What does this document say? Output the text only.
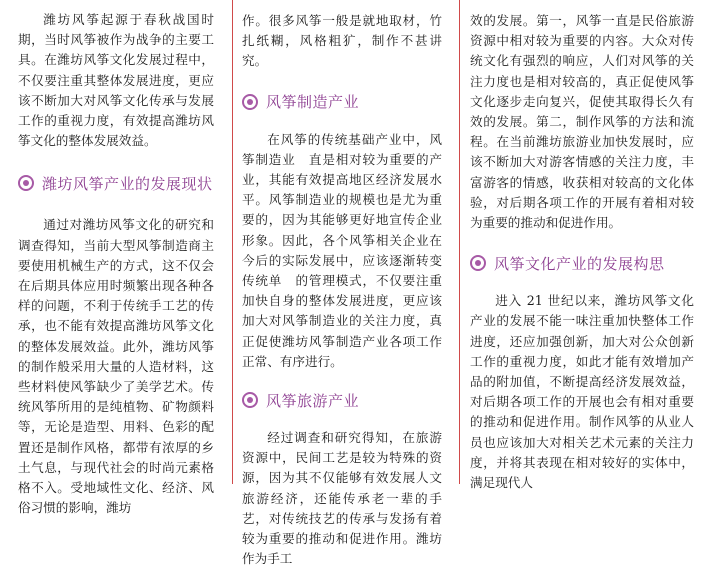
潍坊风筝起源于春秋战国时期，当时风筝被作为战争的主要工具。在潍坊风筝文化发展过程中，不仅要注重其整体发展进度，更应该不断加大对风筝文化传承与发展工作的重视力度，有效提高潍坊风筝文化的整体发展效益。

潍坊风筝产业的发展现状

通过对潍坊风筝文化的研究和调查得知，当前大型风筝制造商主要使用机械生产的方式，这不仅会在后期具体应用时频繁出现各种各样的问题，不利于传统手工艺的传承，也不能有效提高潍坊风筝文化的整体发展效益。此外，潍坊风筝的制作般采用大量的人造材料，这些材料使风筝缺少了美学艺术。传统风筝所用的是纯植物、矿物颜料等，无论是造型、用料、色彩的配置还是制作风格，都带有浓厚的乡土气息，与现代社会的时尚元素格格不入。受地域性文化、经济、风俗习惯的影响，潍坊

作。很多风筝一般是就地取材，竹扎纸糊，风格粗犷，制作不甚讲究。

风筝制造产业

在风筝的传统基础产业中，风筝制造业　直是相对较为重要的产业，其能有效提高地区经济发展水平。风筝制造业的规模也是尤为重要的，因为其能够更好地宣传企业形象。因此，各个风筝相关企业在今后的实际发展中，应该逐渐转变传统单　的管理模式，不仅要注重加快自身的整体发展进度，更应该加大对风筝制造业的关注力度，真正促使潍坊风筝制造产业各项工作正常、有序进行。

风筝旅游产业

经过调查和研究得知，在旅游资源中，民间工艺是较为特殊的资源，因为其不仅能够有效发展人文旅游经济，还能传承老一辈的手艺，对传统技艺的传承与发扬有着较为重要的推动和促进作用。潍坊作为手工

效的发展。第一，风筝一直是民俗旅游资源中相对较为重要的内容。大众对传统文化有强烈的响应，人们对风筝的关注力度也是相对较高的，真正促使风筝文化逐步走向复兴，促使其取得长久有效的发展。第二，制作风筝的方法和流程。在当前潍坊旅游业加快发展时，应该不断加大对游客情感的关注力度，丰富游客的情感，收获相对较高的文化体验，对后期各项工作的开展有着相对较为重要的推动和促进作用。

风筝文化产业的发展构思

进入 21 世纪以来，潍坊风筝文化产业的发展不能一味注重加快整体工作进度，还应加强创新，加大对公众创新工作的重视力度，如此才能有效增加产品的附加值，不断提高经济发展效益，对后期各项工作的开展也会有相对重要的推动和促进作用。制作风筝的从业人员也应该加大对相关艺术元素的关注力度，并将其表现在相对较好的实体中，满足现代人
